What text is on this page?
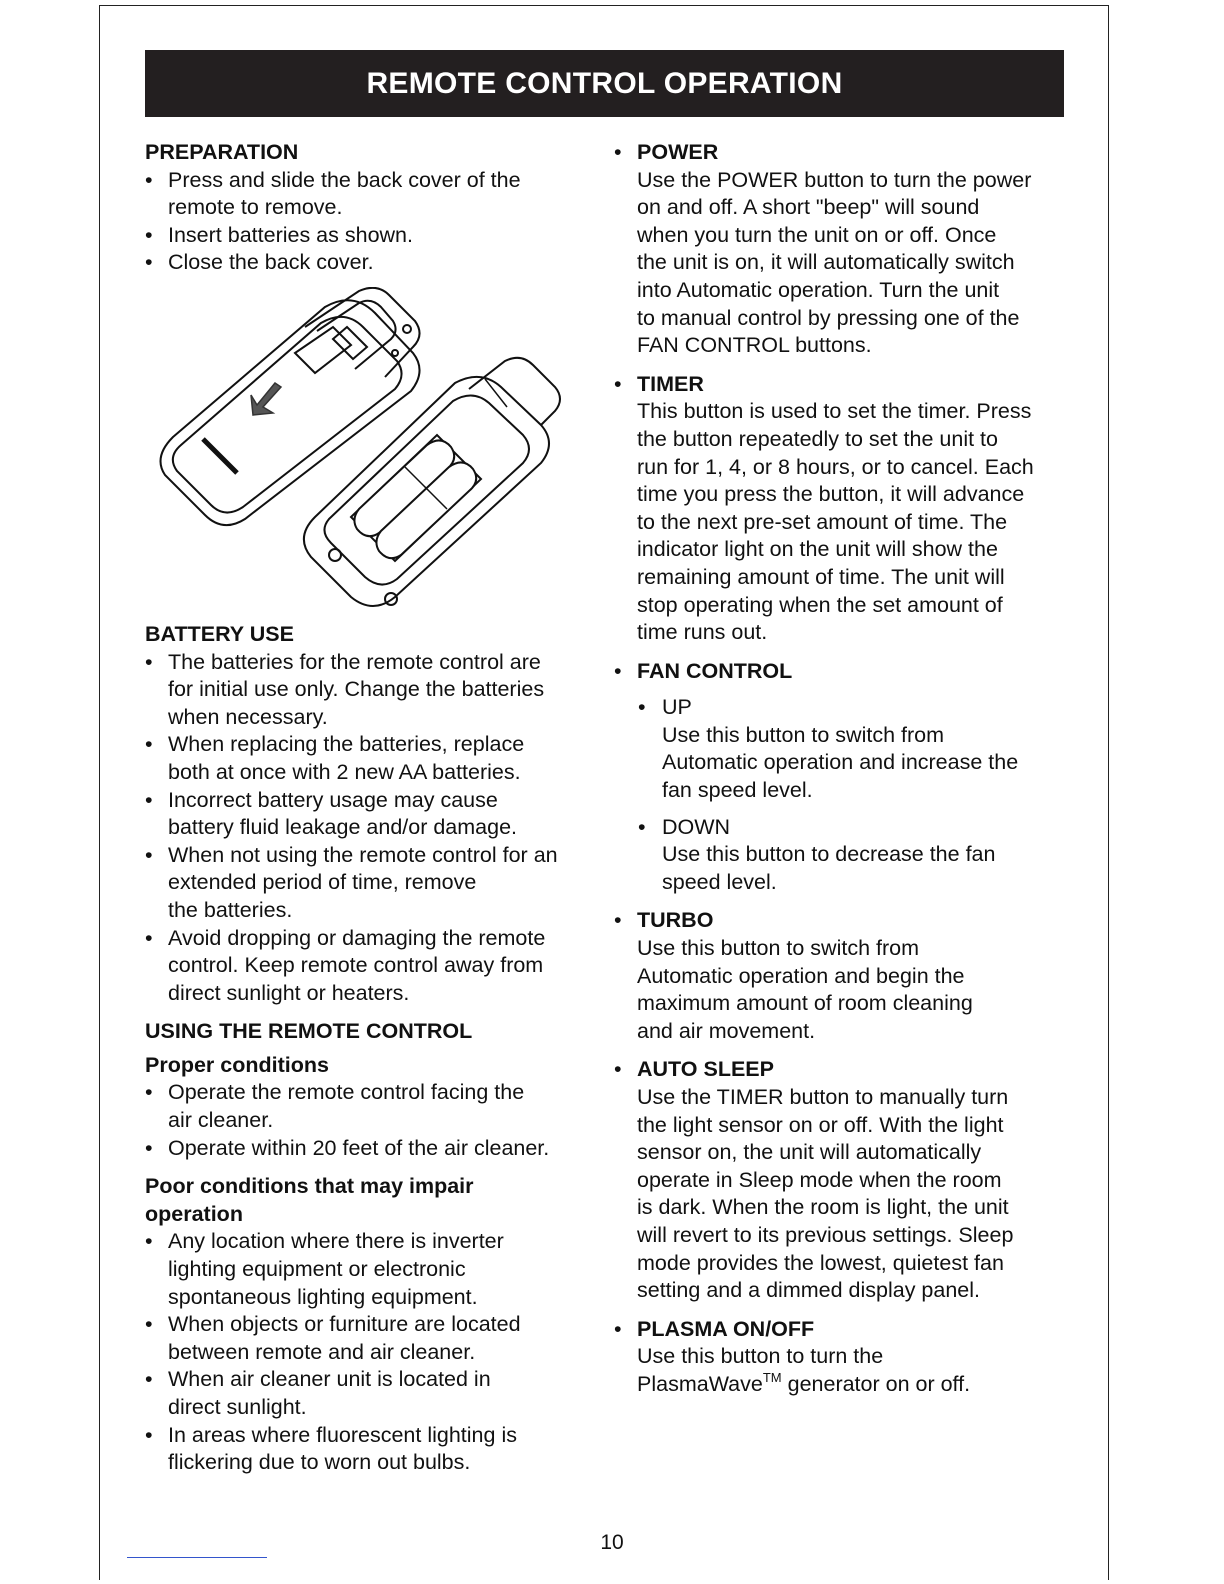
REMOTE CONTROL OPERATION
PREPARATION
• Press and slide the back cover of the
remote to remove.
• Insert batteries as shown.
• Close the back cover.
BATTERY USE
• The batteries for the remote control are
for initial use only. Change the batteries
when necessary.
• When replacing the batteries, replace
both at once with 2 new AA batteries.
• Incorrect battery usage may cause
battery fluid leakage and/or damage.
• When not using the remote control for an
extended period of time, remove
the batteries.
• Avoid dropping or damaging the remote
control. Keep remote control away from
direct sunlight or heaters.
USING THE REMOTE CONTROL
Proper conditions
• Operate the remote control facing the
air cleaner.
• Operate within 20 feet of the air cleaner.
Poor conditions that may impair
operation
• Any location where there is inverter
lighting equipment or electronic
spontaneous lighting equipment.
• When objects or furniture are located
between remote and air cleaner.
• When air cleaner unit is located in
direct sunlight.
• In areas where fluorescent lighting is
flickering due to worn out bulbs.
• POWER
Use the POWER button to turn the power
on and off. A short "beep" will sound
when you turn the unit on or off. Once
the unit is on, it will automatically switch
into Automatic operation. Turn the unit
to manual control by pressing one of the
FAN CONTROL buttons.
• TIMER
This button is used to set the timer. Press
the button repeatedly to set the unit to
run for 1, 4, or 8 hours, or to cancel. Each
time you press the button, it will advance
to the next pre-set amount of time. The
indicator light on the unit will show the
remaining amount of time. The unit will
stop operating when the set amount of
time runs out.
• FAN CONTROL
• UP
Use this button to switch from
Automatic operation and increase the
fan speed level.
• DOWN
Use this button to decrease the fan
speed level.
• TURBO
Use this button to switch from
Automatic operation and begin the
maximum amount of room cleaning
and air movement.
• AUTO SLEEP
Use the TIMER button to manually turn
the light sensor on or off. With the light
sensor on, the unit will automatically
operate in Sleep mode when the room
is dark. When the room is light, the unit
will revert to its previous settings. Sleep
mode provides the lowest, quietest fan
setting and a dimmed display panel.
• PLASMA ON/OFF
Use this button to turn the
PlasmaWave™ generator on or off.
10
